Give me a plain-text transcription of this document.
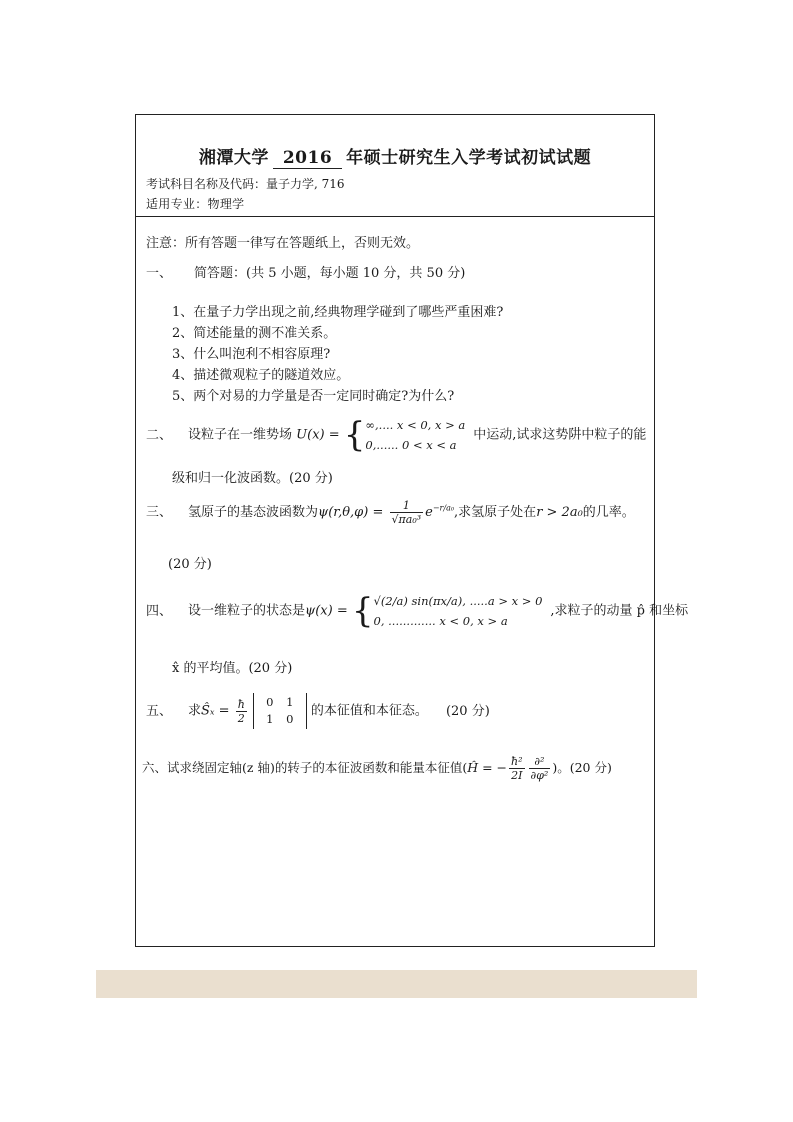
湘潭大学 2016 年硕士研究生入学考试初试试题
考试科目名称及代码：量子力学, 716
适用专业：物理学
注意：所有答题一律写在答题纸上，否则无效。
一、 简答题：(共 5 小题，每小题 10 分，共 50 分)
1、在量子力学出现之前,经典物理学碰到了哪些严重困难?
2、简述能量的测不准关系。
3、什么叫泡利不相容原理?
4、描述微观粒子的隧道效应。
5、两个对易的力学量是否一定同时确定?为什么?
二、 设粒子在一维势场 U(x) = { ∞,.... x < 0, x > a
0,...... 0 < x < a
中运动,试求这势阱中粒子的能
级和归一化波函数。(20 分)
三、 氢原子的基态波函数为$\psi(r,\theta,\varphi) = \frac{1}{\text{√πa₀³}} e^{-r/a_0}$,求氢原子处在r > 2a₀的几率。
(20 分)
四、 设一维粒子的状态是ψ(x) = { √(2/a) sin(πx/a), .....a > x > 0
0, ............. x < 0, x > a
,求粒子的动量 p̂ 和坐标
x̂ 的平均值。(20 分)
五、 求Ŝₓ = $\frac{ħ}{2} 0$ 1
1 0的本征值和本征态。 (20 分)
六、试求绕固定轴(z 轴)的转子的本征波函数和能量本征值(Ĥ = − $\frac{\text{ħ²}}{2I} \frac{\text{∂²}}{\text{∂φ²}}$ )。(20 分)
